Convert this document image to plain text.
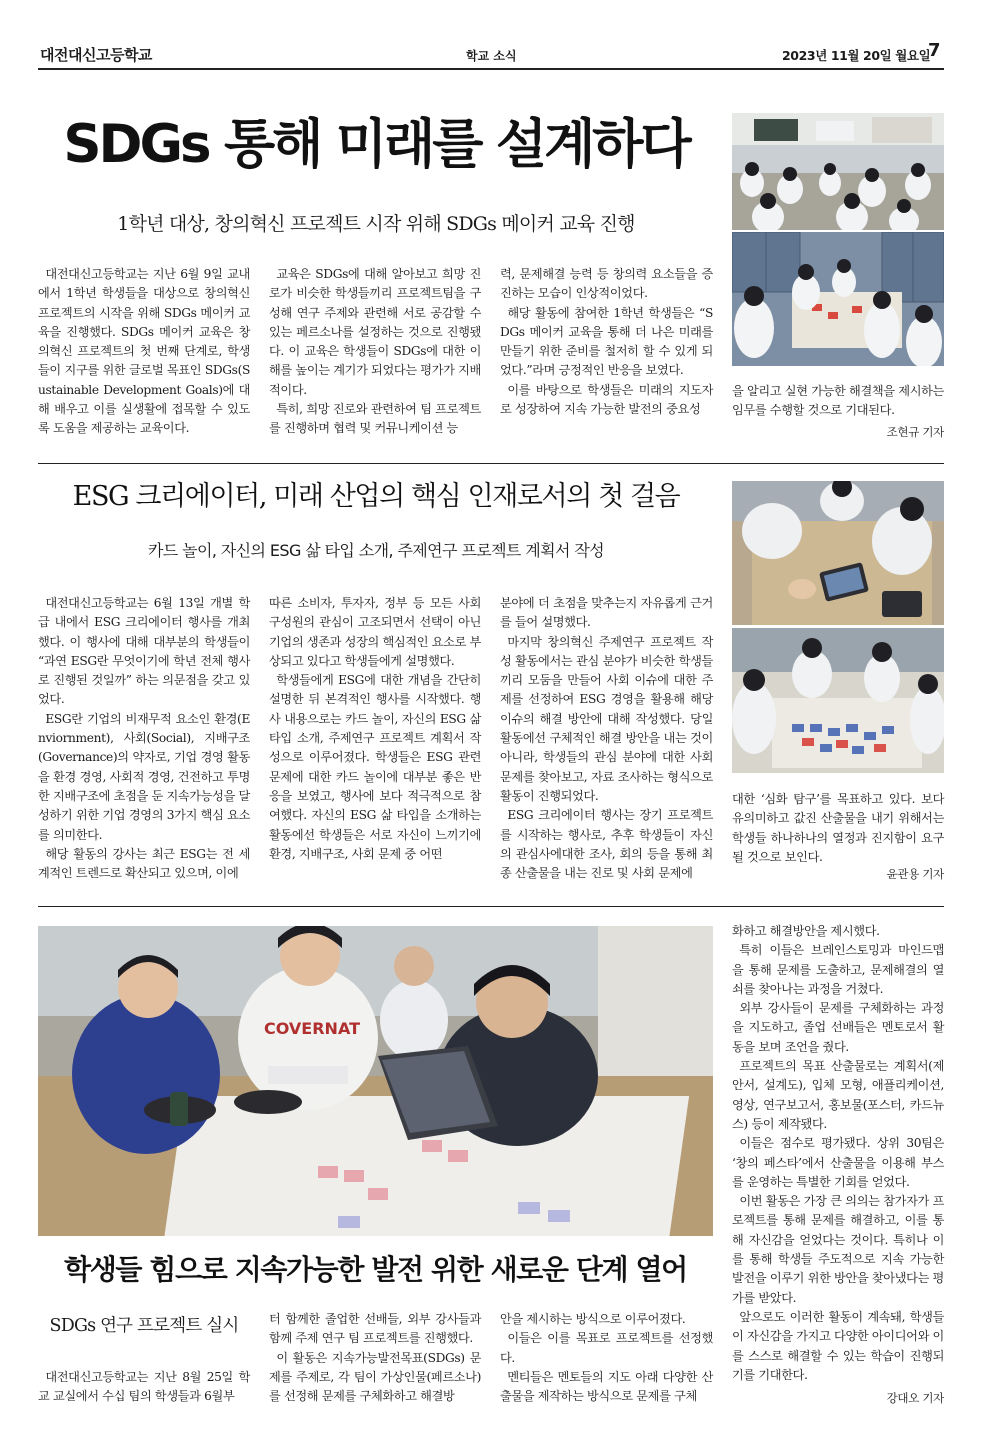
대전대신고등학교	학교 소식	2023년 11월 20일 월요일
7
SDGs 통해 미래를 설계하다
1학년 대상, 창의혁신 프로젝트 시작 위해 SDGs 메이커 교육 진행

대전대신고등학교는 지난 6월 9일 교내에서 1학년 학생들을 대상으로 창의혁신 프로젝트의 시작을 위해 SDGs 메이커 교육을 진행했다. SDGs 메이커 교육은 창의혁신 프로젝트의 첫 번째 단계로, 학생들이 지구를 위한 글로벌 목표인 SDGs(Sustainable Development Goals)에 대해 배우고 이를 실생활에 접목할 수 있도록 도움을 제공하는 교육이다.

교육은 SDGs에 대해 알아보고 희망 진로가 비슷한 학생들끼리 프로젝트팀을 구성해 연구 주제와 관련해 서로 공감할 수 있는 페르소나를 설정하는 것으로 진행됐다. 이 교육은 학생들이 SDGs에 대한 이해를 높이는 계기가 되었다는 평가가 지배적이다.

특히, 희망 진로와 관련하여 팀 프로젝트를 진행하며 협력 및 커뮤니케이션 능

력, 문제해결 능력 등 창의력 요소들을 증진하는 모습이 인상적이었다.

해당 활동에 참여한 1학년 학생들은 “SDGs 메이커 교육을 통해 더 나은 미래를 만들기 위한 준비를 철저히 할 수 있게 되었다.”라며 긍정적인 반응을 보였다.

이를 바탕으로 학생들은 미래의 지도자로 성장하여 지속 가능한 발전의 중요성

을 알리고 실현 가능한 해결책을 제시하는 임무를 수행할 것으로 기대된다.

조현규 기자
ESG 크리에이터, 미래 산업의 핵심 인재로서의 첫 걸음
카드 놀이, 자신의 ESG 삶 타입 소개, 주제연구 프로젝트 계획서 작성

대전대신고등학교는 6월 13일 개별 학급 내에서 ESG 크리에이터 행사를 개최했다. 이 행사에 대해 대부분의 학생들이 “과연 ESG란 무엇이기에 학년 전체 행사로 진행된 것일까” 하는 의문점을 갖고 있었다.

ESG란 기업의 비재무적 요소인 환경(Enviornment), 사회(Social), 지배구조(Governance)의 약자로, 기업 경영 활동을 환경 경영, 사회적 경영, 건전하고 투명한 지배구조에 초점을 둔 지속가능성을 달성하기 위한 기업 경영의 3가지 핵심 요소를 의미한다.

해당 활동의 강사는 최근 ESG는 전 세계적인 트렌드로 확산되고 있으며, 이에

따른 소비자, 투자자, 정부 등 모든 사회 구성원의 관심이 고조되면서 선택이 아닌 기업의 생존과 성장의 핵심적인 요소로 부상되고 있다고 학생들에게 설명했다.

학생들에게 ESG에 대한 개념을 간단히 설명한 뒤 본격적인 행사를 시작했다. 행사 내용으로는 카드 놀이, 자신의 ESG 삶 타입 소개, 주제연구 프로젝트 계획서 작성으로 이루어졌다. 학생들은 ESG 관련 문제에 대한 카드 놀이에 대부분 좋은 반응을 보였고, 행사에 보다 적극적으로 참여했다. 자신의 ESG 삶 타입을 소개하는 활동에선 학생들은 서로 자신이 느끼기에 환경, 지배구조, 사회 문제 중 어떤

분야에 더 초점을 맞추는지 자유롭게 근거를 들어 설명했다.

마지막 창의혁신 주제연구 프로젝트 작성 활동에서는 관심 분야가 비슷한 학생들끼리 모둠을 만들어 사회 이슈에 대한 주제를 선정하여 ESG 경영을 활용해 해당 이슈의 해결 방안에 대해 작성했다. 당일 활동에선 구체적인 해결 방안을 내는 것이 아니라, 학생들의 관심 분야에 대한 사회 문제를 찾아보고, 자료 조사하는 형식으로 활동이 진행되었다.

ESG 크리에이터 행사는 장기 프로젝트를 시작하는 행사로, 추후 학생들이 자신의 관심사에대한 조사, 회의 등을 통해 최종 산출물을 내는 진로 및 사회 문제에

대한 ‘심화 탐구’를 목표하고 있다. 보다 유의미하고 값진 산출물을 내기 위해서는 학생들 하나하나의 열정과 진지함이 요구될 것으로 보인다.

윤관용 기자
COVERNAT
학생들 힘으로 지속가능한 발전 위한 새로운 단계 열어
SDGs 연구 프로젝트 실시

대전대신고등학교는 지난 8월 25일 학교 교실에서 수십 팀의 학생들과 6월부

터 함께한 졸업한 선배들, 외부 강사들과 함께 주제 연구 팀 프로젝트를 진행했다.

이 활동은 지속가능발전목표(SDGs) 문제를 주제로, 각 팀이 가상인물(페르소나)를 선정해 문제를 구체화하고 해결방

안을 제시하는 방식으로 이루어졌다.

이들은 이를 목표로 프로젝트를 선정했다.

멘티들은 멘토들의 지도 아래 다양한 산출물을 제작하는 방식으로 문제를 구체

화하고 해결방안을 제시했다.

특히 이들은 브레인스토밍과 마인드맵을 통해 문제를 도출하고, 문제해결의 열쇠를 찾아나는 과정을 거쳤다.

외부 강사들이 문제를 구체화하는 과정을 지도하고, 졸업 선배들은 멘토로서 활동을 보며 조언을 줬다.

프로젝트의 목표 산출물로는 계획서(제안서, 설계도), 입체 모형, 애플리케이션, 영상, 연구보고서, 홍보물(포스터, 카드뉴스) 등이 제작됐다.

이들은 점수로 평가됐다. 상위 30팀은 ‘창의 페스타’에서 산출물을 이용해 부스를 운영하는 특별한 기회를 얻었다.

이번 활동은 가장 큰 의의는 참가자가 프로젝트를 통해 문제를 해결하고, 이를 통해 자신감을 얻었다는 것이다. 특히나 이를 통해 학생들 주도적으로 지속 가능한 발전을 이루기 위한 방안을 찾아냈다는 평가를 받았다.

앞으로도 이러한 활동이 계속돼, 학생들이 자신감을 가지고 다양한 아이디어와 이를 스스로 해결할 수 있는 학습이 진행되기를 기대한다.

강대오 기자
